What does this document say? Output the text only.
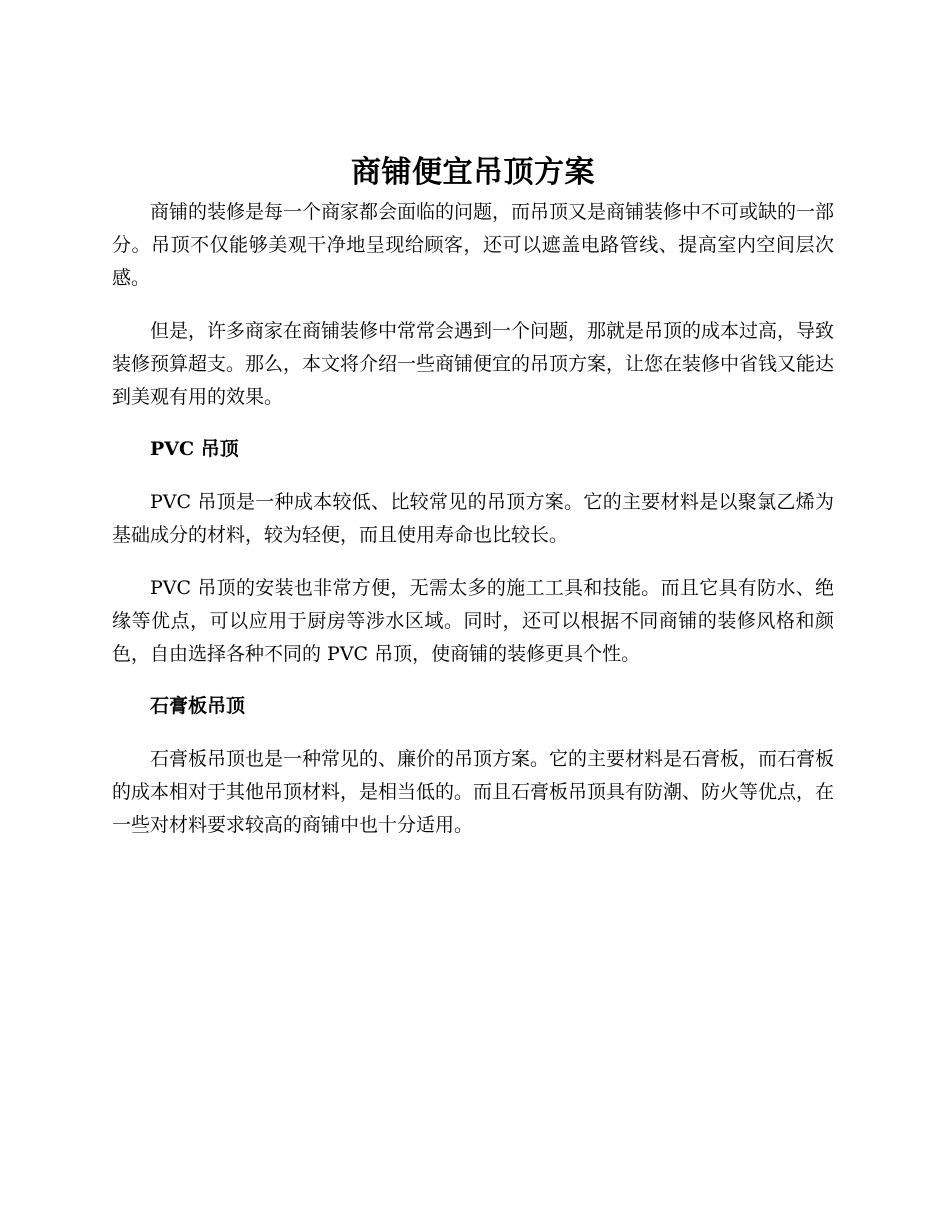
商铺便宜吊顶方案

商铺的装修是每一个商家都会面临的问题，而吊顶又是商铺装修中不可或缺的一部分。吊顶不仅能够美观干净地呈现给顾客，还可以遮盖电路管线、提高室内空间层次感。

但是，许多商家在商铺装修中常常会遇到一个问题，那就是吊顶的成本过高，导致装修预算超支。那么，本文将介绍一些商铺便宜的吊顶方案，让您在装修中省钱又能达到美观有用的效果。

PVC 吊顶

PVC 吊顶是一种成本较低、比较常见的吊顶方案。它的主要材料是以聚氯乙烯为基础成分的材料，较为轻便，而且使用寿命也比较长。

PVC 吊顶的安装也非常方便，无需太多的施工工具和技能。而且它具有防水、绝缘等优点，可以应用于厨房等涉水区域。同时，还可以根据不同商铺的装修风格和颜色，自由选择各种不同的 PVC 吊顶，使商铺的装修更具个性。

石膏板吊顶

石膏板吊顶也是一种常见的、廉价的吊顶方案。它的主要材料是石膏板，而石膏板的成本相对于其他吊顶材料，是相当低的。而且石膏板吊顶具有防潮、防火等优点，在一些对材料要求较高的商铺中也十分适用。
